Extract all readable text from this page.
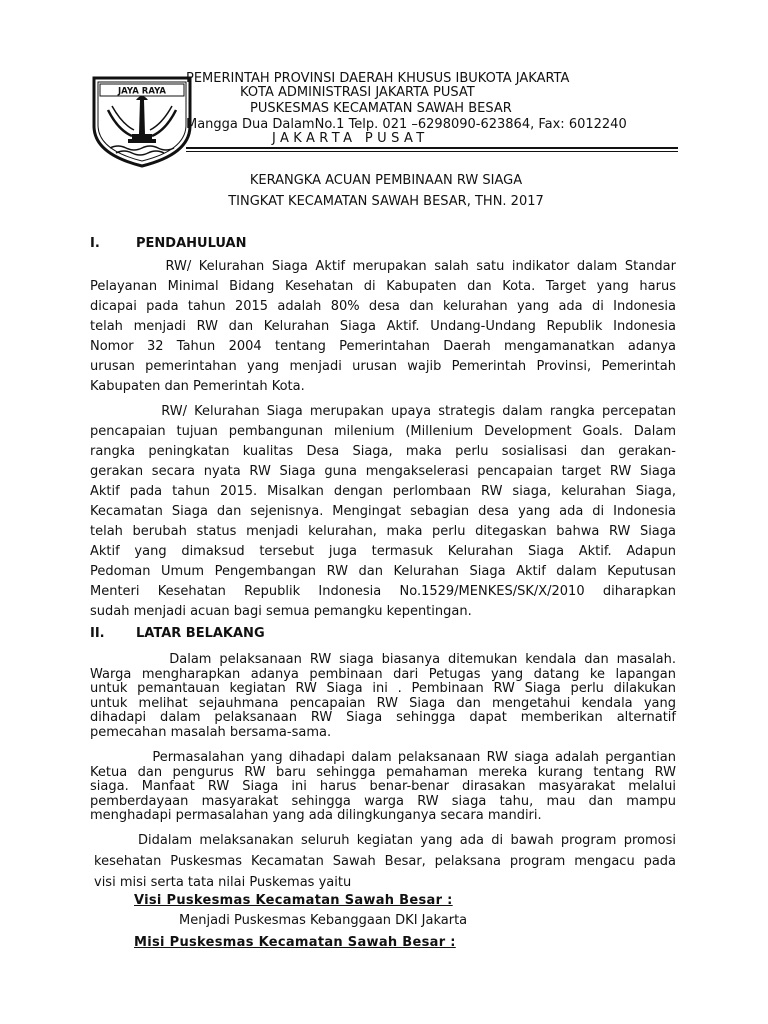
JAYA RAYA
PEMERINTAH PROVINSI DAERAH KHUSUS IBUKOTA JAKARTA
KOTA ADMINISTRASI JAKARTA PUSAT
PUSKESMAS KECAMATAN SAWAH BESAR
Mangga Dua DalamNo.1 Telp. 021 –6298090-623864, Fax: 6012240
JAKARTA PUSAT
KERANGKA ACUAN PEMBINAAN RW SIAGA
TINGKAT KECAMATAN SAWAH BESAR, THN. 2017
I.	PENDAHULUAN
RW/ Kelurahan Siaga Aktif merupakan salah satu indikator dalam Standar
Pelayanan Minimal Bidang Kesehatan di Kabupaten dan Kota. Target yang harus
dicapai pada tahun 2015 adalah 80% desa dan kelurahan yang ada di Indonesia
telah menjadi RW dan Kelurahan Siaga Aktif. Undang-Undang Republik Indonesia
Nomor 32 Tahun 2004 tentang Pemerintahan Daerah mengamanatkan adanya
urusan pemerintahan yang menjadi urusan wajib Pemerintah Provinsi, Pemerintah
Kabupaten dan Pemerintah Kota.
RW/ Kelurahan Siaga merupakan upaya strategis dalam rangka percepatan
pencapaian tujuan pembangunan milenium (Millenium Development Goals. Dalam
rangka peningkatan kualitas Desa Siaga, maka perlu sosialisasi dan gerakan-
gerakan secara nyata RW Siaga guna mengakselerasi pencapaian target RW Siaga
Aktif pada tahun 2015. Misalkan dengan perlombaan RW siaga, kelurahan Siaga,
Kecamatan Siaga dan sejenisnya. Mengingat sebagian desa yang ada di Indonesia
telah berubah status menjadi kelurahan, maka perlu ditegaskan bahwa RW Siaga
Aktif yang dimaksud tersebut juga termasuk Kelurahan Siaga Aktif. Adapun
Pedoman Umum Pengembangan RW dan Kelurahan Siaga Aktif dalam Keputusan
Menteri Kesehatan Republik Indonesia No.1529/MENKES/SK/X/2010 diharapkan
sudah menjadi acuan bagi semua pemangku kepentingan.
II. LATAR BELAKANG
Dalam pelaksanaan RW siaga biasanya ditemukan kendala dan masalah.
Warga mengharapkan adanya pembinaan dari Petugas yang datang ke lapangan
untuk pemantauan kegiatan RW Siaga ini . Pembinaan RW Siaga perlu dilakukan
untuk melihat sejauhmana pencapaian RW Siaga dan mengetahui kendala yang
dihadapi dalam pelaksanaan RW Siaga sehingga dapat memberikan alternatif
pemecahan masalah bersama-sama.
Permasalahan yang dihadapi dalam pelaksanaan RW siaga adalah pergantian
Ketua dan pengurus RW baru sehingga pemahaman mereka kurang tentang RW
siaga. Manfaat RW Siaga ini harus benar-benar dirasakan masyarakat melalui
pemberdayaan masyarakat sehingga warga RW siaga tahu, mau dan mampu
menghadapi permasalahan yang ada dilingkunganya secara mandiri.
Didalam melaksanakan seluruh kegiatan yang ada di bawah program promosi
kesehatan Puskesmas Kecamatan Sawah Besar, pelaksana program mengacu pada
visi misi serta tata nilai Puskemas yaitu
Visi Puskesmas Kecamatan Sawah Besar :
Menjadi Puskesmas Kebanggaan DKI Jakarta
Misi Puskesmas Kecamatan Sawah Besar :
